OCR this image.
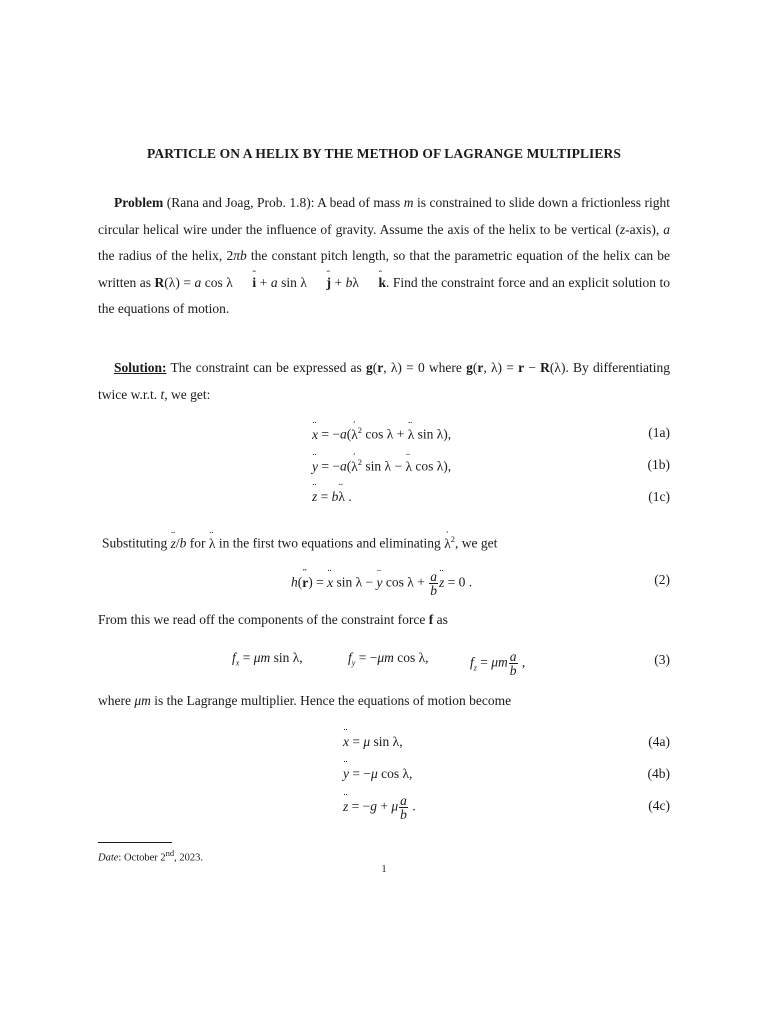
PARTICLE ON A HELIX BY THE METHOD OF LAGRANGE MULTIPLIERS
Problem (Rana and Joag, Prob. 1.8): A bead of mass m is constrained to slide down a frictionless right circular helical wire under the influence of gravity. Assume the axis of the helix to be vertical (z-axis), a the radius of the helix, 2πb the constant pitch length, so that the parametric equation of the helix can be written as R(λ) = a cos λ i ˆ + a sin λ j ˆ + bλ k ˆ. Find the constraint force and an explicit solution to the equations of motion.
Solution: The constraint can be expressed as g(r, λ) = 0 where g(r, λ) = r − R(λ). By differentiating twice w.r.t. t, we get:
x ¨ = −a(λ ˙$^2$ cos λ + λ ¨ sin λ),	(1a)
y ¨ = −a(λ ˙$^2$ sin λ − λ ¨ cos λ),	(1b)
z ¨ = bλ ¨ .	(1c)
Substituting z ¨/b for λ ¨ in the first two equations and eliminating λ ˙$^2$, we get
h(r ¨) = x ¨ sin λ − y ¨ $\cos \lambda + \frac{a}{b}$ z ¨ = 0 .	(2)
From this we read off the components of the constraint force f as
$f_x = \mu m$ sin λ,	$f_y = -\mu m$ cos λ,	$f_z = \mu m \frac{a}{b}$ ,	(3)
where μm is the Lagrange multiplier. Hence the equations of motion become
x ¨ = μ sin λ,	(4a)
y ¨ = −μ cos λ,	(4b)
z ¨ = −g + μ $\frac{a}{b}$ .	(4c)
Date: October 2nd, 2023.
1
